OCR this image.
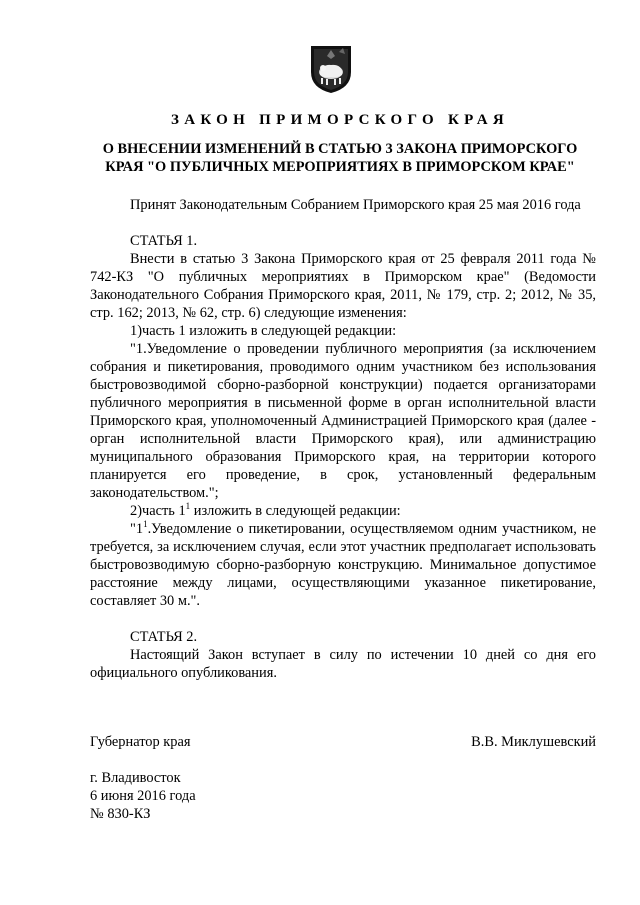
ЗАКОН ПРИМОРСКОГО КРАЯ
О ВНЕСЕНИИ ИЗМЕНЕНИЙ В СТАТЬЮ 3 ЗАКОНА ПРИМОРСКОГО
КРАЯ "О ПУБЛИЧНЫХ МЕРОПРИЯТИЯХ В ПРИМОРСКОМ КРАЕ"

Принят Законодательным Собранием Приморского края 25 мая 2016 года

СТАТЬЯ 1.

Внести в статью 3 Закона Приморского края от 25 февраля 2011 года № 742-КЗ "О публичных мероприятиях в Приморском крае" (Ведомости Законодательного Собрания Приморского края, 2011, № 179, стр. 2; 2012, № 35, стр. 162; 2013, № 62, стр. 6) следующие изменения:

1)часть 1 изложить в следующей редакции:

"1.Уведомление о проведении публичного мероприятия (за исключением собрания и пикетирования, проводимого одним участником без использования быстровозводимой сборно-разборной конструкции) подается организаторами публичного мероприятия в письменной форме в орган исполнительной власти Приморского края, уполномоченный Администрацией Приморского края (далее - орган исполнительной власти Приморского края), или администрацию муниципального образования Приморского края, на территории которого планируется его проведение, в срок, установленный федеральным законодательством.";

2)часть $1^1$ изложить в следующей редакции:

"$1^1.Уведомление$ о пикетировании, осуществляемом одним участником, не требуется, за исключением случая, если этот участник предполагает использовать быстровозводимую сборно-разборную конструкцию. Минимальное допустимое расстояние между лицами, осуществляющими указанное пикетирование, составляет 30 м.".

СТАТЬЯ 2.

Настоящий Закон вступает в силу по истечении 10 дней со дня его официального опубликования.

Губернатор края	В.В. Миклушевский
г. Владивосток
6 июня 2016 года
№ 830-КЗ
